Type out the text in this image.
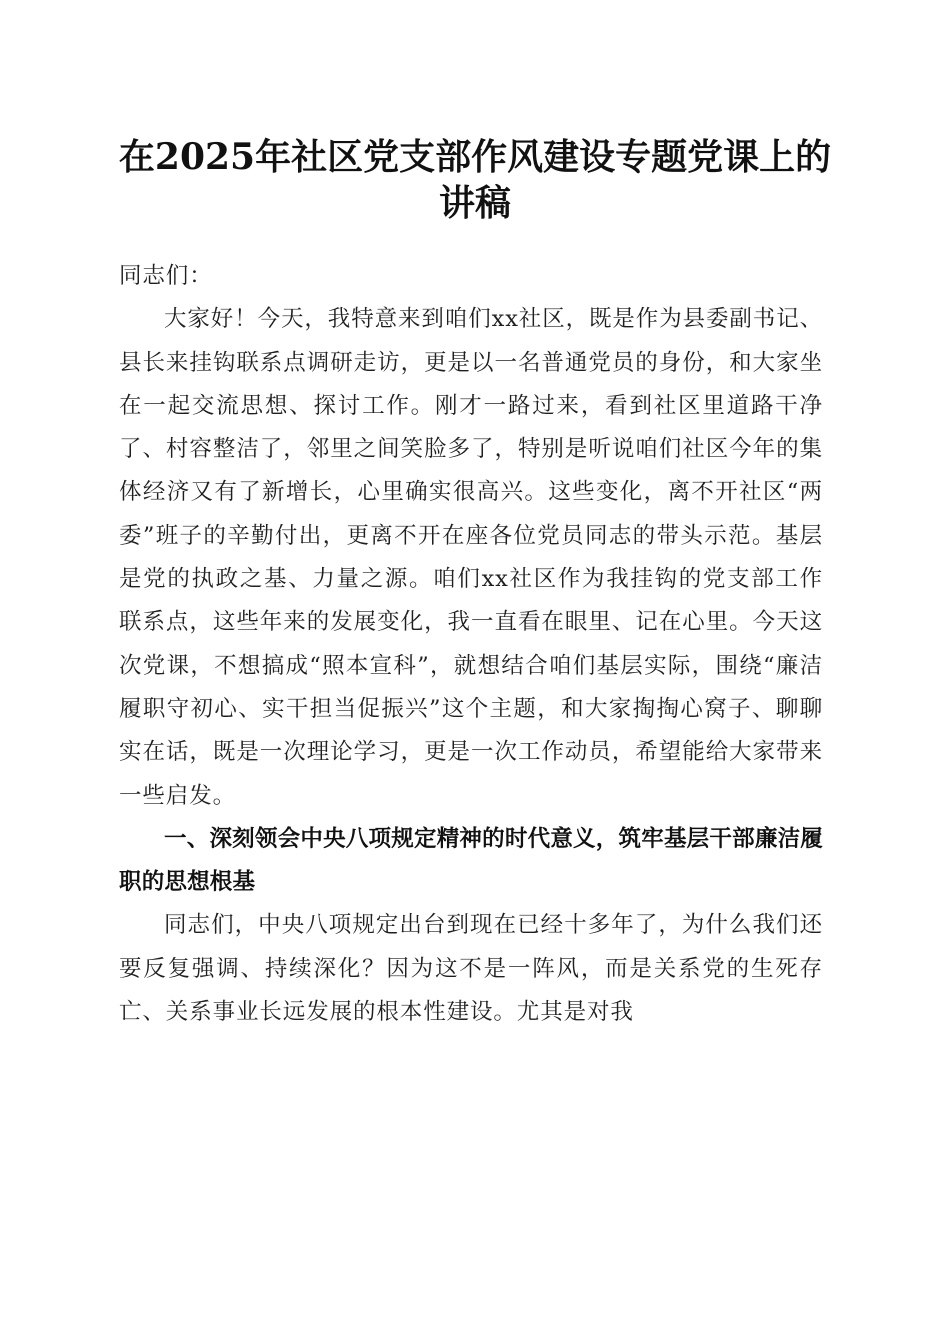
在2025年社区党支部作风建设专题党课上的讲稿

同志们：

大家好！今天，我特意来到咱们xx社区，既是作为县委副书记、县长来挂钩联系点调研走访，更是以一名普通党员的身份，和大家坐在一起交流思想、探讨工作。刚才一路过来，看到社区里道路干净了、村容整洁了，邻里之间笑脸多了，特别是听说咱们社区今年的集体经济又有了新增长，心里确实很高兴。这些变化，离不开社区“两委”班子的辛勤付出，更离不开在座各位党员同志的带头示范。基层是党的执政之基、力量之源。咱们xx社区作为我挂钩的党支部工作联系点，这些年来的发展变化，我一直看在眼里、记在心里。今天这次党课，不想搞成“照本宣科”，就想结合咱们基层实际，围绕“廉洁履职守初心、实干担当促振兴”这个主题，和大家掏掏心窝子、聊聊实在话，既是一次理论学习，更是一次工作动员，希望能给大家带来一些启发。

一、深刻领会中央八项规定精神的时代意义，筑牢基层干部廉洁履职的思想根基

同志们，中央八项规定出台到现在已经十多年了，为什么我们还要反复强调、持续深化？因为这不是一阵风，而是关系党的生死存亡、关系事业长远发展的根本性建设。尤其是对我
